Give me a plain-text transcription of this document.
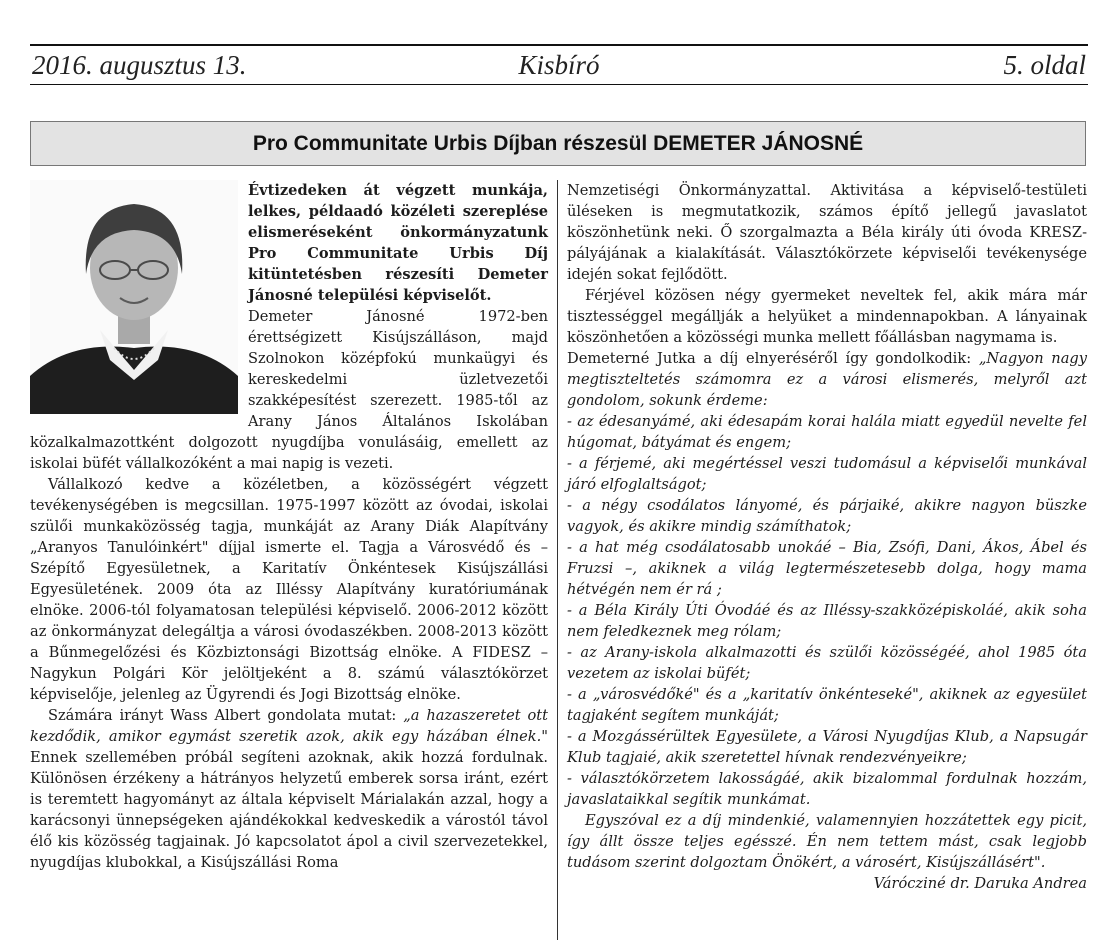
2016. augusztus 13.	Kisbíró	5. oldal
Pro Communitate Urbis Díjban részesül DEMETER JÁNOSNÉ

Évtizedeken át végzett munkája, lelkes, példaadó közéleti szereplése elismeréseként önkormányzatunk Pro Communitate Urbis Díj kitüntetésben részesíti Demeter Jánosné települési képviselőt.

Demeter Jánosné 1972-ben érettségizett Kisújszálláson, majd Szolnokon középfokú munkaügyi és kereskedelmi üzletvezetői szakképesítést szerezett. 1985-től az Arany János Általános Iskolában közalkalmazottként dolgozott nyugdíjba vonulásáig, emellett az iskolai büfét vállalkozóként a mai napig is vezeti.

Vállalkozó kedve a közéletben, a közösségért végzett tevékenységében is megcsillan. 1975-1997 között az óvodai, iskolai szülői munkaközösség tagja, munkáját az Arany Diák Alapítvány „Aranyos Tanulóinkért" díjjal ismerte el. Tagja a Városvédő és –Szépítő Egyesületnek, a Karitatív Önkéntesek Kisújszállási Egyesületének. 2009 óta az Illéssy Alapítvány kuratóriumának elnöke. 2006-tól folyamatosan települési képviselő. 2006-2012 között az önkormányzat delegáltja a városi óvodaszékben. 2008-2013 között a Bűnmegelőzési és Közbiztonsági Bizottság elnöke. A FIDESZ – Nagykun Polgári Kör jelöltjeként a 8. számú választókörzet képviselője, jelenleg az Ügyrendi és Jogi Bizottság elnöke.

Számára irányt Wass Albert gondolata mutat: „a hazaszeretet ott kezdődik, amikor egymást szeretik azok, akik egy házában élnek." Ennek szellemében próbál segíteni azoknak, akik hozzá fordulnak. Különösen érzékeny a hátrányos helyzetű emberek sorsa iránt, ezért is teremtett hagyományt az általa képviselt Márialakán azzal, hogy a karácsonyi ünnepségeken ajándékokkal kedveskedik a várostól távol élő kis közösség tagjainak. Jó kapcsolatot ápol a civil szervezetekkel, nyugdíjas klubokkal, a Kisújszállási Roma

Nemzetiségi Önkormányzattal. Aktivitása a képviselő-testületi üléseken is megmutatkozik, számos építő jellegű javaslatot köszönhetünk neki. Ő szorgalmazta a Béla király úti óvoda KRESZ-pályájának a kialakítását. Választókörzete képviselői tevékenysége idején sokat fejlődött.

Férjével közösen négy gyermeket neveltek fel, akik mára már tisztességgel megállják a helyüket a mindennapokban. A lányainak köszönhetően a közösségi munka mellett főállásban nagymama is.

Demeterné Jutka a díj elnyeréséről így gondolkodik: „Nagyon nagy megtiszteltetés számomra ez a városi elismerés, melyről azt gondolom, sokunk érdeme:

- az édesanyámé, aki édesapám korai halála miatt egyedül nevelte fel húgomat, bátyámat és engem;

- a férjemé, aki megértéssel veszi tudomásul a képviselői munkával járó elfoglaltságot;

- a négy csodálatos lányomé, és párjaiké, akikre nagyon büszke vagyok, és akikre mindig számíthatok;

- a hat még csodálatosabb unokáé – Bia, Zsófi, Dani, Ákos, Ábel és Fruzsi –, akiknek a világ legtermészetesebb dolga, hogy mama hétvégén nem ér rá ;

- a Béla Király Úti Óvodáé és az Illéssy-szakközépiskoláé, akik soha nem feledkeznek meg rólam;

- az Arany-iskola alkalmazotti és szülői közösségéé, ahol 1985 óta vezetem az iskolai büfét;

- a „városvédőké" és a „karitatív önkénteseké", akiknek az egyesület tagjaként segítem munkáját;

- a Mozgássérültek Egyesülete, a Városi Nyugdíjas Klub, a Napsugár Klub tagjaié, akik szeretettel hívnak rendezvényeikre;

- választókörzetem lakosságáé, akik bizalommal fordulnak hozzám, javaslataikkal segítik munkámat.

Egyszóval ez a díj mindenkié, valamennyien hozzátettek egy picit, így állt össze teljes egésszé. Én nem tettem mást, csak legjobb tudásom szerint dolgoztam Önökért, a városért, Kisújszállásért".

Várócziné dr. Daruka Andrea
